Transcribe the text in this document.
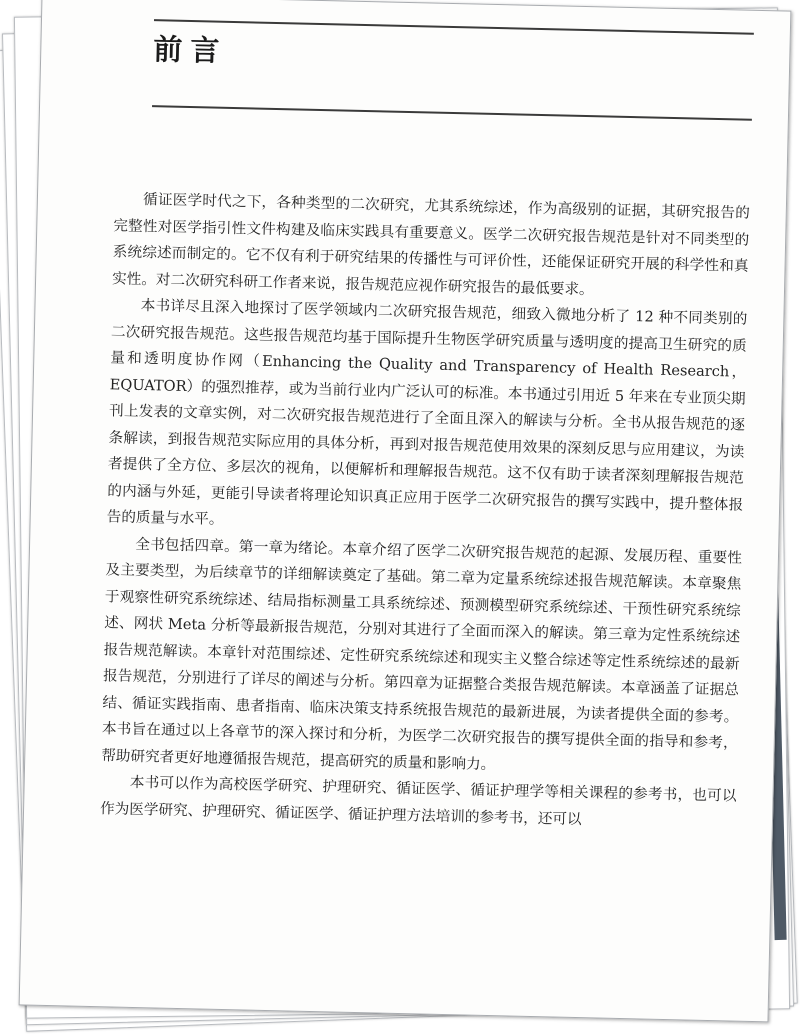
前言

循证医学时代之下，各种类型的二次研究，尤其系统综述，作为高级别的证据，其研究报告的完整性对医学指引性文件构建及临床实践具有重要意义。医学二次研究报告规范是针对不同类型的系统综述而制定的。它不仅有利于研究结果的传播性与可评价性，还能保证研究开展的科学性和真实性。对二次研究科研工作者来说，报告规范应视作研究报告的最低要求。

本书详尽且深入地探讨了医学领域内二次研究报告规范，细致入微地分析了 12 种不同类别的二次研究报告规范。这些报告规范均基于国际提升生物医学研究质量与透明度的提高卫生研究的质量和透明度协作网（Enhancing the Quality and Transparency of Health Research，EQUATOR）的强烈推荐，或为当前行业内广泛认可的标准。本书通过引用近 5 年来在专业顶尖期刊上发表的文章实例，对二次研究报告规范进行了全面且深入的解读与分析。全书从报告规范的逐条解读，到报告规范实际应用的具体分析，再到对报告规范使用效果的深刻反思与应用建议，为读者提供了全方位、多层次的视角，以便解析和理解报告规范。这不仅有助于读者深刻理解报告规范的内涵与外延，更能引导读者将理论知识真正应用于医学二次研究报告的撰写实践中，提升整体报告的质量与水平。

全书包括四章。第一章为绪论。本章介绍了医学二次研究报告规范的起源、发展历程、重要性及主要类型，为后续章节的详细解读奠定了基础。第二章为定量系统综述报告规范解读。本章聚焦于观察性研究系统综述、结局指标测量工具系统综述、预测模型研究系统综述、干预性研究系统综述、网状 Meta 分析等最新报告规范，分别对其进行了全面而深入的解读。第三章为定性系统综述报告规范解读。本章针对范围综述、定性研究系统综述和现实主义整合综述等定性系统综述的最新报告规范，分别进行了详尽的阐述与分析。第四章为证据整合类报告规范解读。本章涵盖了证据总结、循证实践指南、患者指南、临床决策支持系统报告规范的最新进展，为读者提供全面的参考。本书旨在通过以上各章节的深入探讨和分析，为医学二次研究报告的撰写提供全面的指导和参考，帮助研究者更好地遵循报告规范，提高研究的质量和影响力。

本书可以作为高校医学研究、护理研究、循证医学、循证护理学等相关课程的参考书，也可以作为医学研究、护理研究、循证医学、循证护理方法培训的参考书，还可以
